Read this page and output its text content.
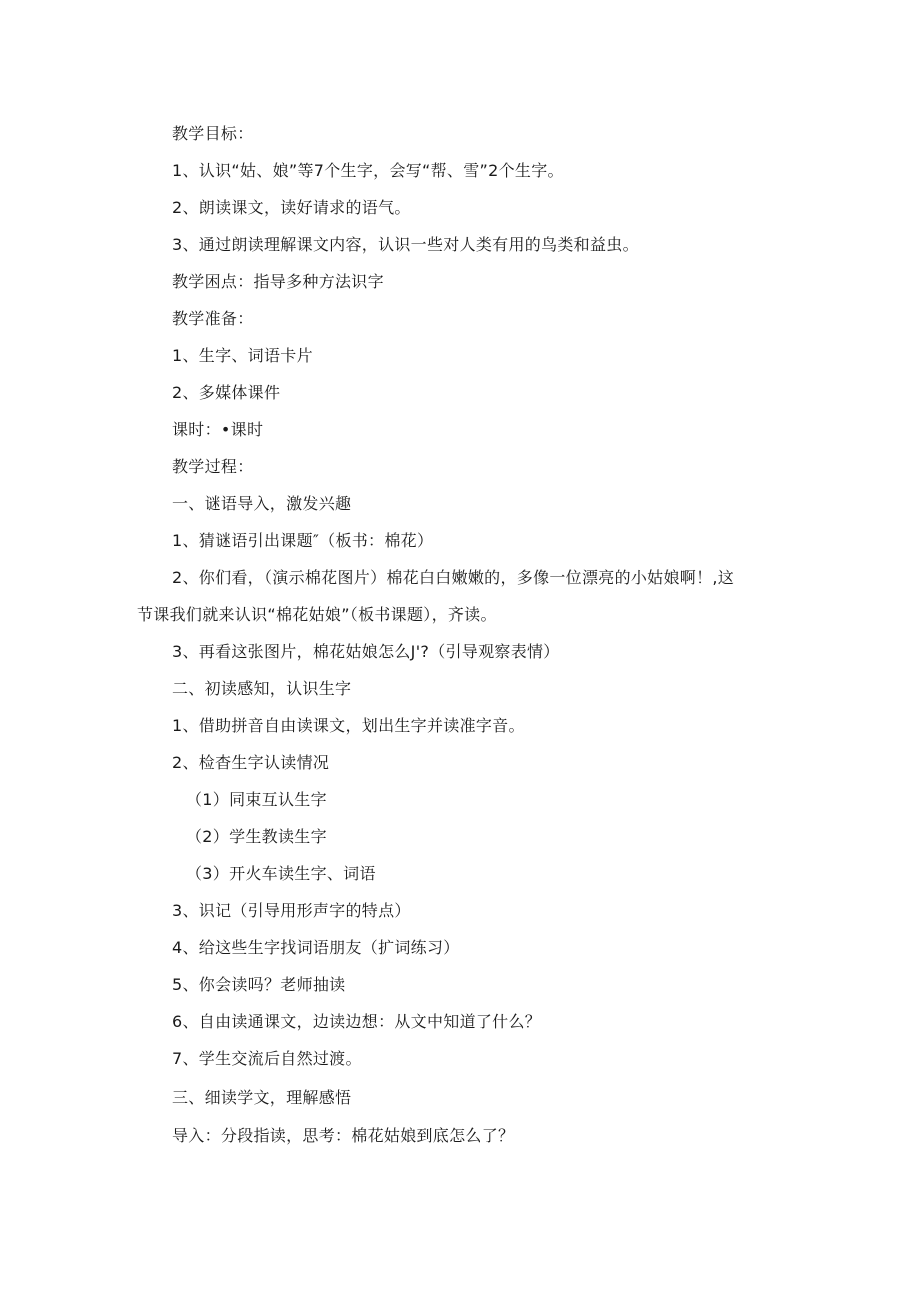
教学目标：
1、认识“姑、娘”等7个生字，会写“帮、雪”2个生字。
2、朗读课文，读好请求的语气。
3、通过朗读理解课文内容，认识一些对人类有用的鸟类和益虫。
教学困点：指导多种方法识字
教学准备：
1、生字、词语卡片
2、多媒体课件
课时：•课时
教学过程：
一、谜语导入，激发兴趣
1、猜谜语引出课题″（板书：棉花）
2、你们看，（演示棉花图片）棉花白白嫩嫩的，多像一位漂亮的小姑娘啊！,这
节课我们就来认识“棉花姑娘”（板书课题），齐读。
3、再看这张图片，棉花姑娘怎么J'?（引导观察表情）
二、初读感知，认识生字
1、借助拼音自由读课文，划出生字并读准字音。
2、检杳生字认读情况
（1）同束互认生字
（2）学生教读生字
（3）开火车读生字、词语
3、识记（引导用形声字的特点）
4、给这些生字找词语朋友（扩词练习）
5、你会读吗？老师抽读
6、自由读通课文，边读边想：从文中知道了什么？
7、学生交流后自然过渡。
三、细读学文，理解感悟
导入：分段指读，思考：棉花姑娘到底怎么了？
